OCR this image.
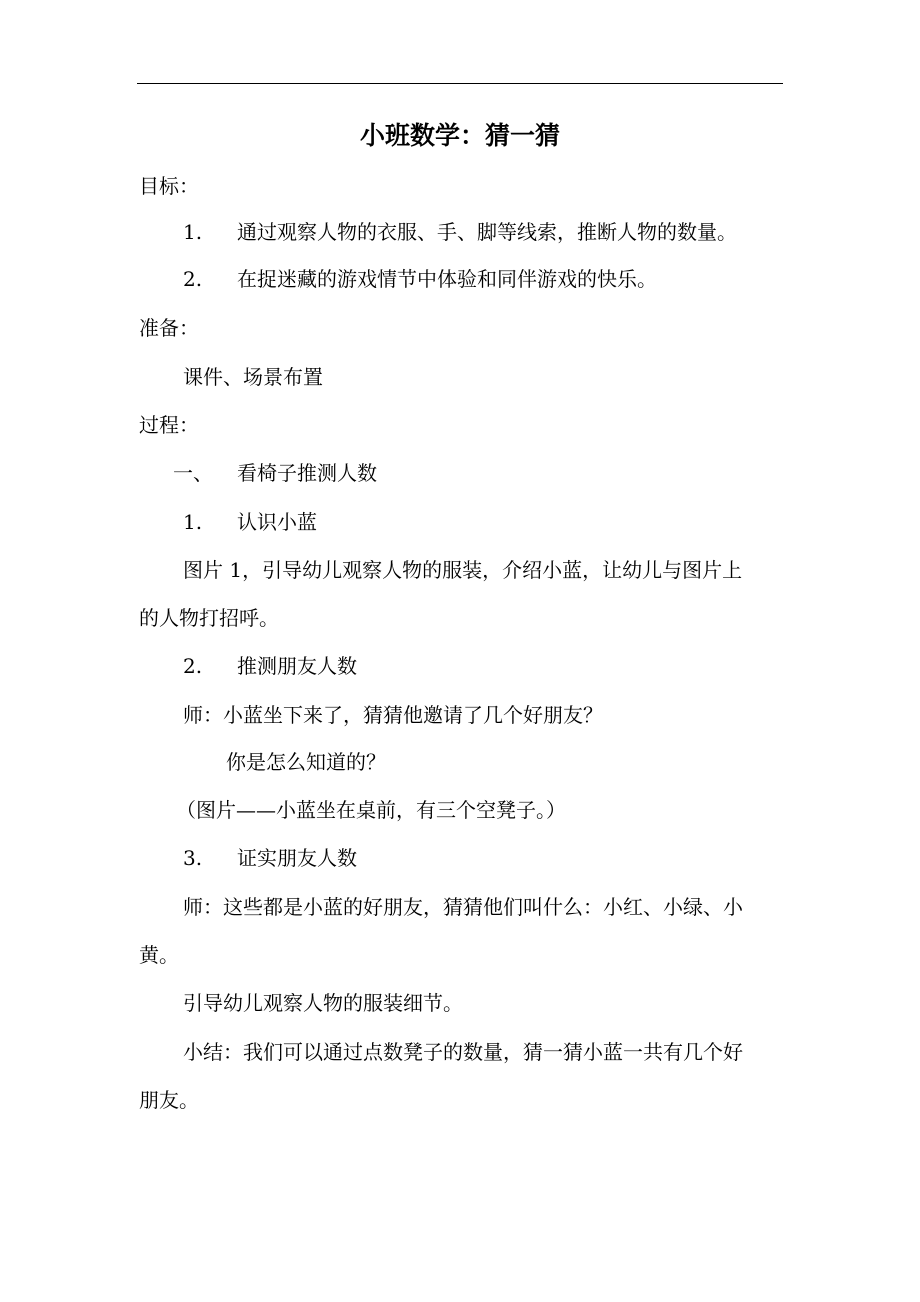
小班数学：猜一猜
目标：
1. 通过观察人物的衣服、手、脚等线索，推断人物的数量。
2. 在捉迷藏的游戏情节中体验和同伴游戏的快乐。
准备：
课件、场景布置
过程：
一、 看椅子推测人数
1. 认识小蓝
图片 1，引导幼儿观察人物的服装，介绍小蓝，让幼儿与图片上
的人物打招呼。
2. 推测朋友人数
师：小蓝坐下来了，猜猜他邀请了几个好朋友？
你是怎么知道的？
（图片——小蓝坐在桌前，有三个空凳子。）
3. 证实朋友人数
师：这些都是小蓝的好朋友，猜猜他们叫什么：小红、小绿、小
黄。
引导幼儿观察人物的服装细节。
小结：我们可以通过点数凳子的数量，猜一猜小蓝一共有几个好
朋友。
